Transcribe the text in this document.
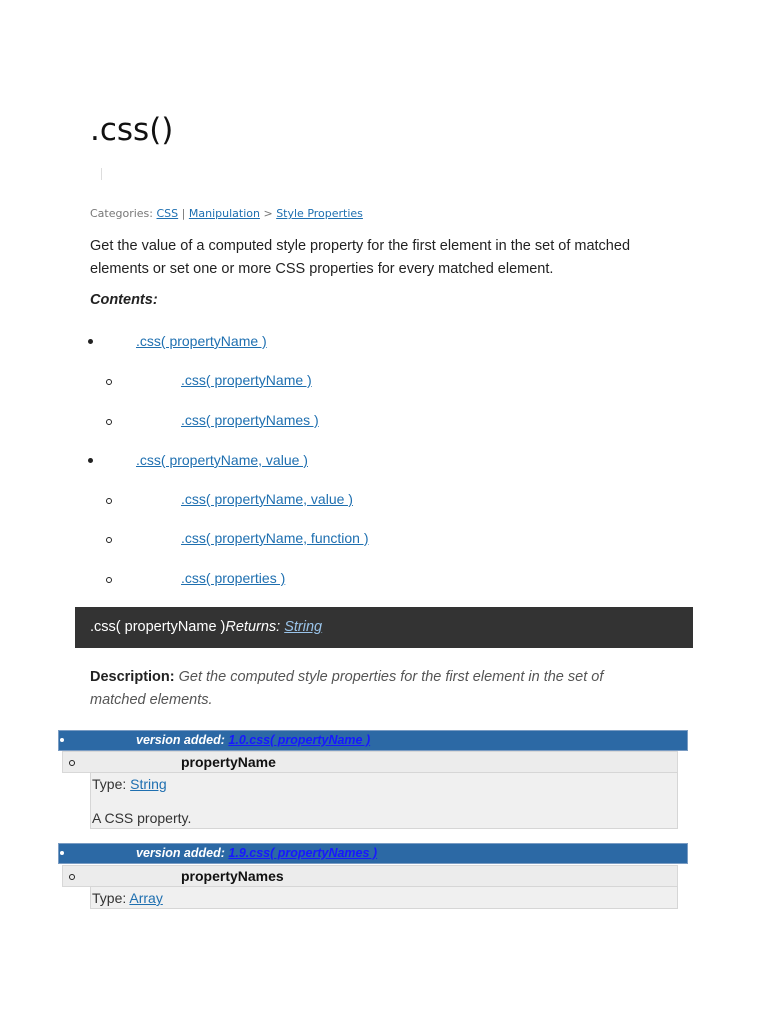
.css()
Categories: CSS | Manipulation > Style Properties

Get the value of a computed style property for the first element in the set of matched elements or set one or more CSS properties for every matched element.

Contents:
.css( propertyName )
.css( propertyName )
.css( propertyNames )
.css( propertyName, value )
.css( propertyName, value )
.css( propertyName, function )
.css( properties )
.css( propertyName )Returns: String

Description: Get the computed style properties for the first element in the set of matched elements.

version added: 1.0.css( propertyName )
propertyName
Type: String
A CSS property.
version added: 1.9.css( propertyNames )
propertyNames
Type: Array
